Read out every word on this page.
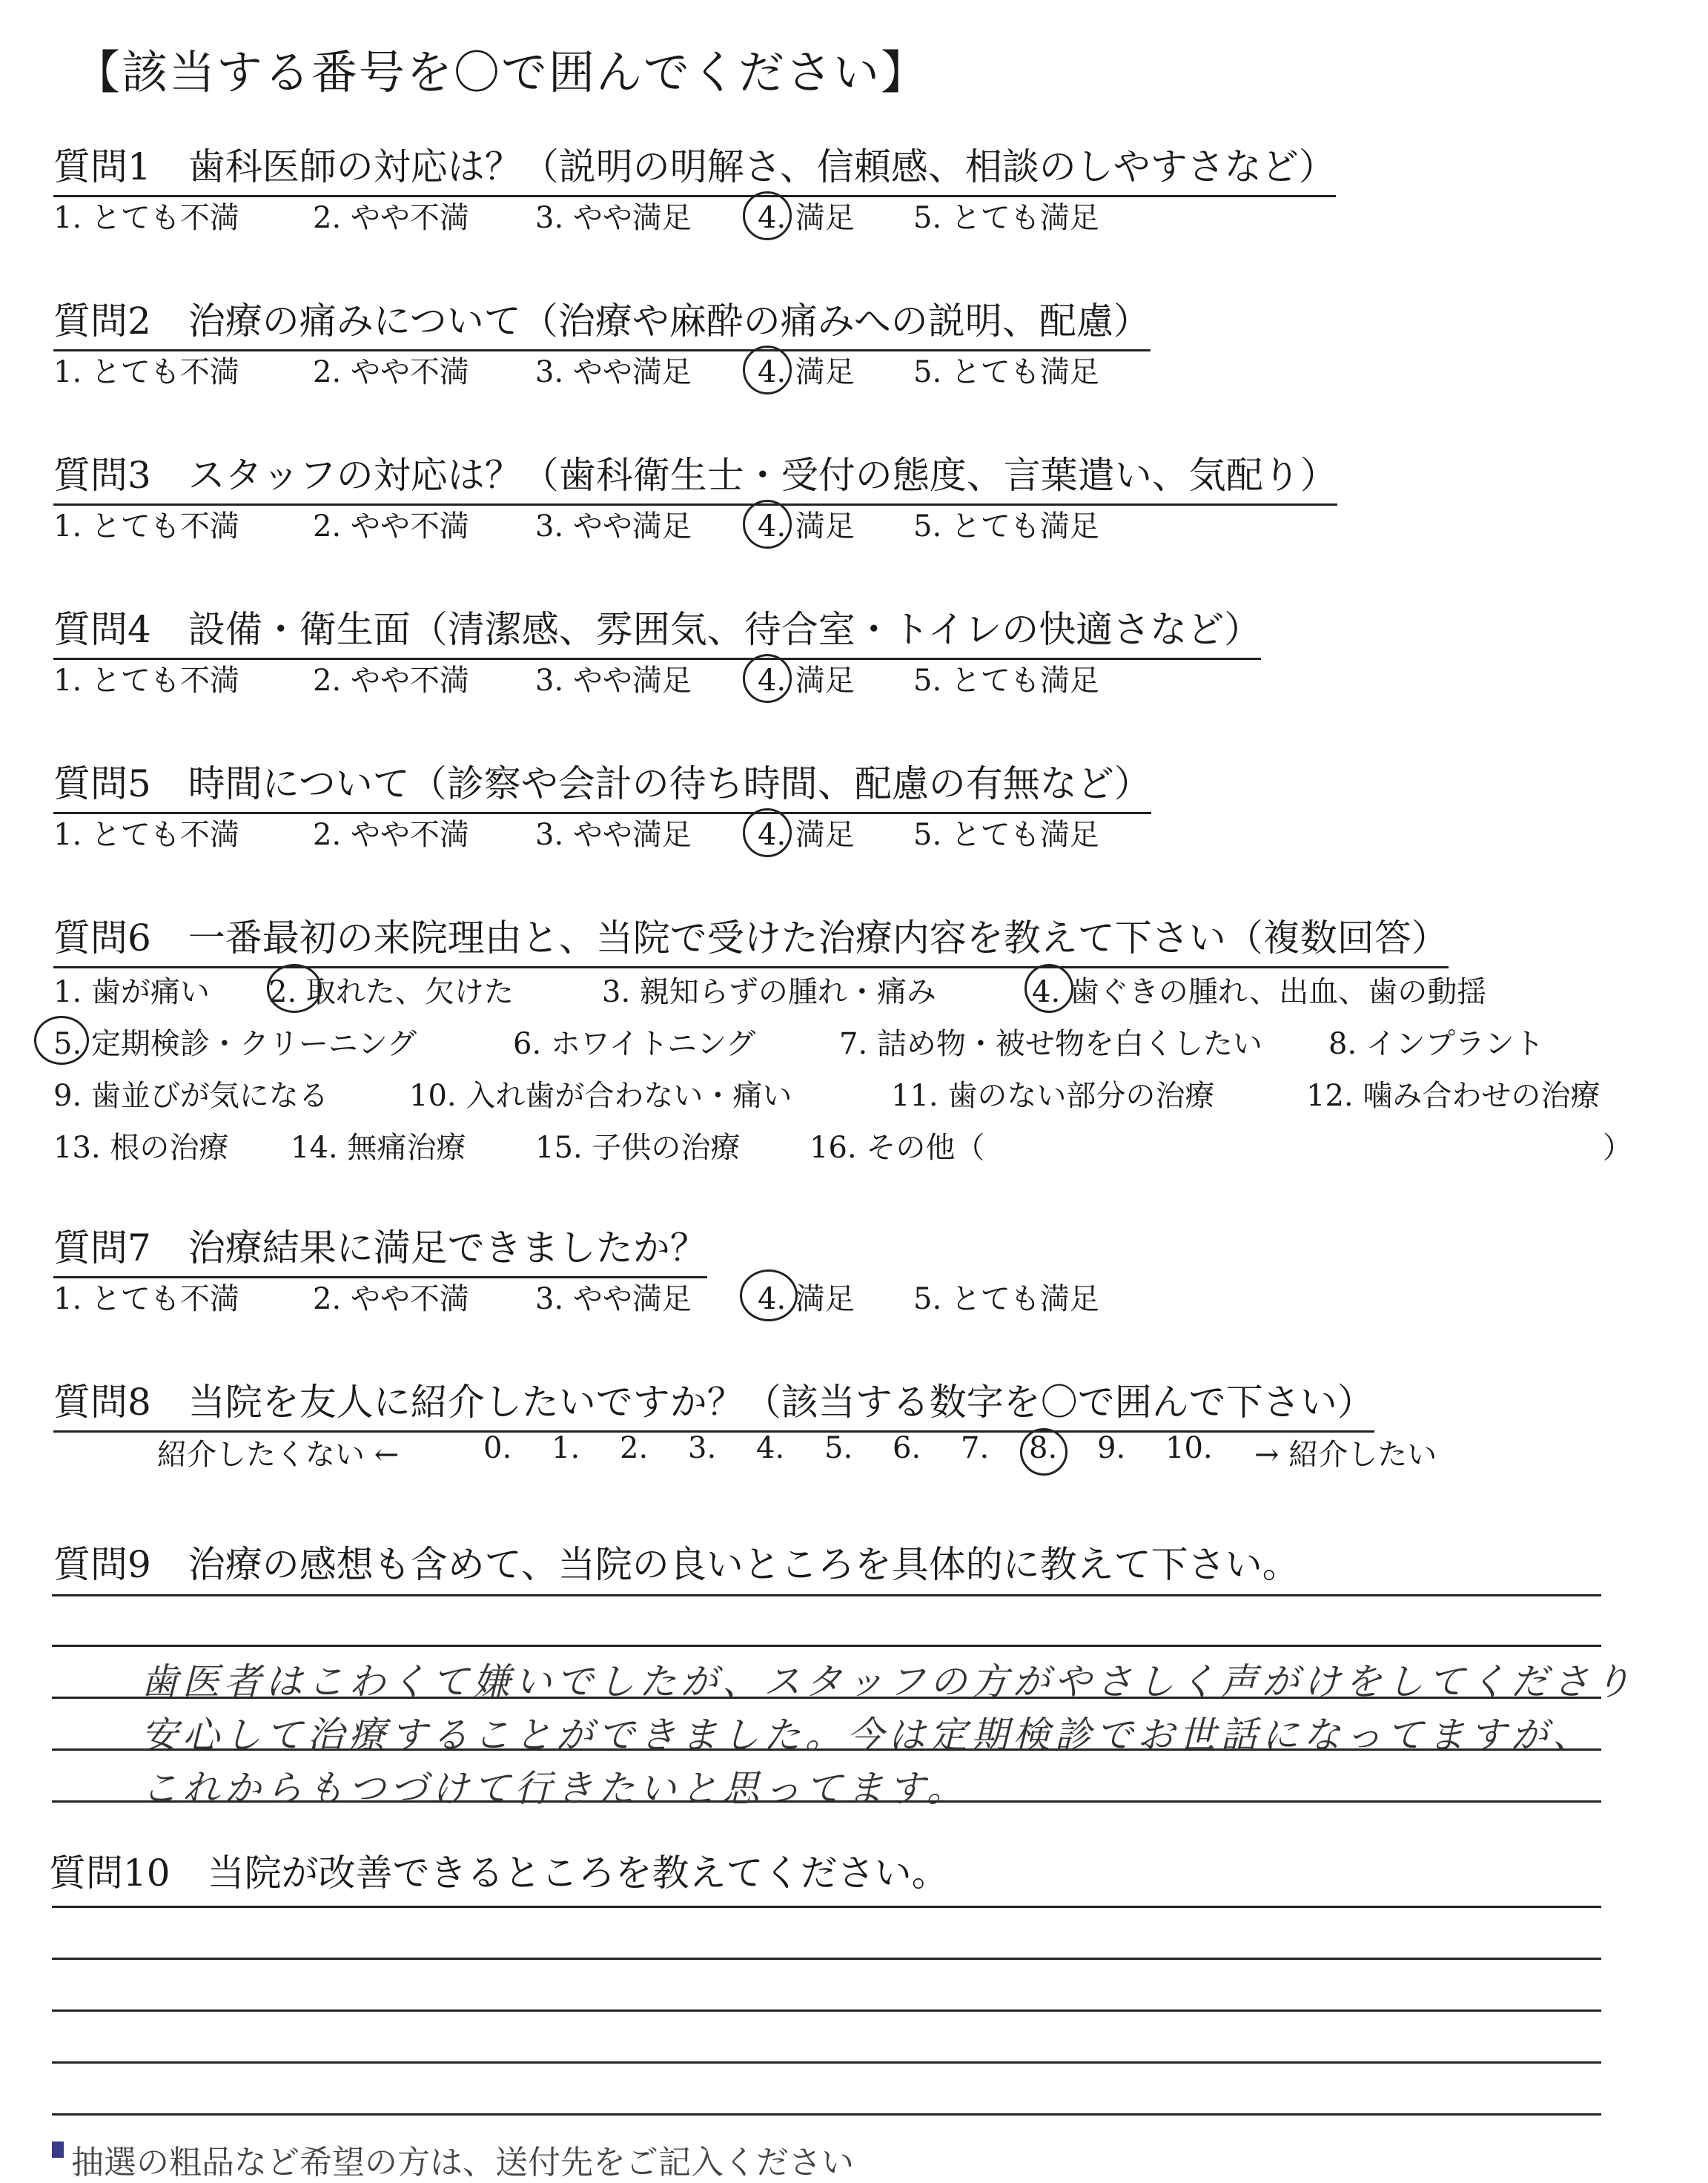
【該当する番号を〇で囲んでください】
質問1　歯科医師の対応は？（説明の明解さ、信頼感、相談のしやすさなど）
1. とても不満 2. やや不満 3. やや満足 4. 満足 5. とても満足
質問2　治療の痛みについて（治療や麻酔の痛みへの説明、配慮）
1. とても不満 2. やや不満 3. やや満足 4. 満足 5. とても満足
質問3　スタッフの対応は？（歯科衛生士・受付の態度、言葉遣い、気配り）
1. とても不満 2. やや不満 3. やや満足 4. 満足 5. とても満足
質問4　設備・衛生面（清潔感、雰囲気、待合室・トイレの快適さなど）
1. とても不満 2. やや不満 3. やや満足 4. 満足 5. とても満足
質問5　時間について（診察や会計の待ち時間、配慮の有無など）
1. とても不満 2. やや不満 3. やや満足 4. 満足 5. とても満足
質問6　一番最初の来院理由と、当院で受けた治療内容を教えて下さい（複数回答）
1. 歯が痛い 2. 取れた、欠けた	3. 親知らずの腫れ・痛み	4. 歯ぐきの腫れ、出血、歯の動揺
5. 定期検診・クリーニング	6. ホワイトニング	7. 詰め物・被せ物を白くしたい 8. インプラント
9. 歯並びが気になる	10. 入れ歯が合わない・痛い	11. 歯のない部分の治療	12. 噛み合わせの治療
13. 根の治療 14. 無痛治療 15. 子供の治療 16. その他（	）
質問7　治療結果に満足できましたか？
1. とても不満 2. やや不満 3. やや満足 4. 満足 5. とても満足
質問8　当院を友人に紹介したいですか？（該当する数字を〇で囲んで下さい）
紹介したくない ←	0. 1. 2. 3. 4. 5. 6. 7. 8. 9. 10. → 紹介したい
質問9　治療の感想も含めて、当院の良いところを具体的に教えて下さい。
歯医者はこわくて嫌いでしたが、スタッフの方がやさしく声がけをしてくださり
安心して治療することができました。今は定期検診でお世話になってますが、
これからもつづけて行きたいと思ってます。
質問10　当院が改善できるところを教えてください。
抽選の粗品など希望の方は、送付先をご記入ください
